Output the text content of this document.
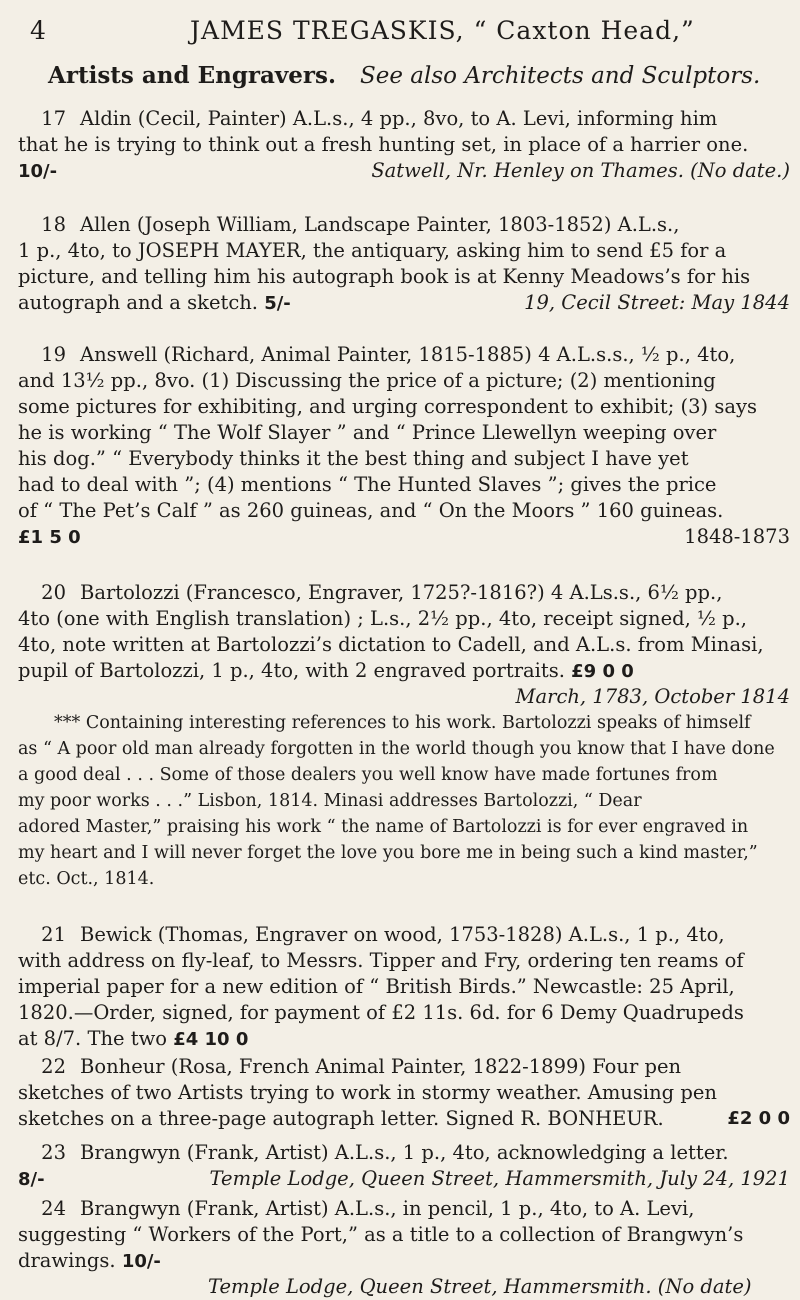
4	JAMES TREGASKIS, “ Caxton Head,”
Artists and Engravers. See also Architects and Sculptors.
17 Aldin (Cecil, Painter) A.L.s., 4 pp., 8vo, to A. Levi, informing him
that he is trying to think out a fresh hunting set, in place of a harrier one.
10/-	Satwell, Nr. Henley on Thames. (No date.)
18 Allen (Joseph William, Landscape Painter, 1803-1852) A.L.s.,
1 p., 4to, to JOSEPH MAYER, the antiquary, asking him to send £5 for a
picture, and telling him his autograph book is at Kenny Meadows’s for his
autograph and a sketch. 5/-	19, Cecil Street: May 1844
19 Answell (Richard, Animal Painter, 1815-1885) 4 A.L.s.s., ½ p., 4to,
and 13½ pp., 8vo. (1) Discussing the price of a picture; (2) mentioning
some pictures for exhibiting, and urging correspondent to exhibit; (3) says
he is working “ The Wolf Slayer ” and “ Prince Llewellyn weeping over
his dog.” “ Everybody thinks it the best thing and subject I have yet
had to deal with ”; (4) mentions “ The Hunted Slaves ”; gives the price
of “ The Pet’s Calf ” as 260 guineas, and “ On the Moors ” 160 guineas.
£1 5 0	1848-1873
20 Bartolozzi (Francesco, Engraver, 1725?-1816?) 4 A.Ls.s., 6½ pp.,
4to (one with English translation) ; L.s., 2½ pp., 4to, receipt signed, ½ p.,
4to, note written at Bartolozzi’s dictation to Cadell, and A.L.s. from Minasi,
pupil of Bartolozzi, 1 p., 4to, with 2 engraved portraits. £9 0 0
March, 1783, October 1814
*** Containing interesting references to his work. Bartolozzi speaks of himself
as “ A poor old man already forgotten in the world though you know that I have done
a good deal . . . Some of those dealers you well know have made fortunes from
my poor works . . .” Lisbon, 1814. Minasi addresses Bartolozzi, “ Dear
adored Master,” praising his work “ the name of Bartolozzi is for ever engraved in
my heart and I will never forget the love you bore me in being such a kind master,”
etc. Oct., 1814.
21 Bewick (Thomas, Engraver on wood, 1753-1828) A.L.s., 1 p., 4to,
with address on fly-leaf, to Messrs. Tipper and Fry, ordering ten reams of
imperial paper for a new edition of “ British Birds.” Newcastle: 25 April,
1820.—Order, signed, for payment of £2 11s. 6d. for 6 Demy Quadrupeds
at 8/7. The two £4 10 0
22 Bonheur (Rosa, French Animal Painter, 1822-1899) Four pen
sketches of two Artists trying to work in stormy weather. Amusing pen
sketches on a three-page autograph letter. Signed R. BONHEUR.	£2 0 0
23 Brangwyn (Frank, Artist) A.L.s., 1 p., 4to, acknowledging a letter.
8/-	Temple Lodge, Queen Street, Hammersmith, July 24, 1921
24 Brangwyn (Frank, Artist) A.L.s., in pencil, 1 p., 4to, to A. Levi,
suggesting “ Workers of the Port,” as a title to a collection of Brangwyn’s
drawings. 10/-
Temple Lodge, Queen Street, Hammersmith. (No date)
